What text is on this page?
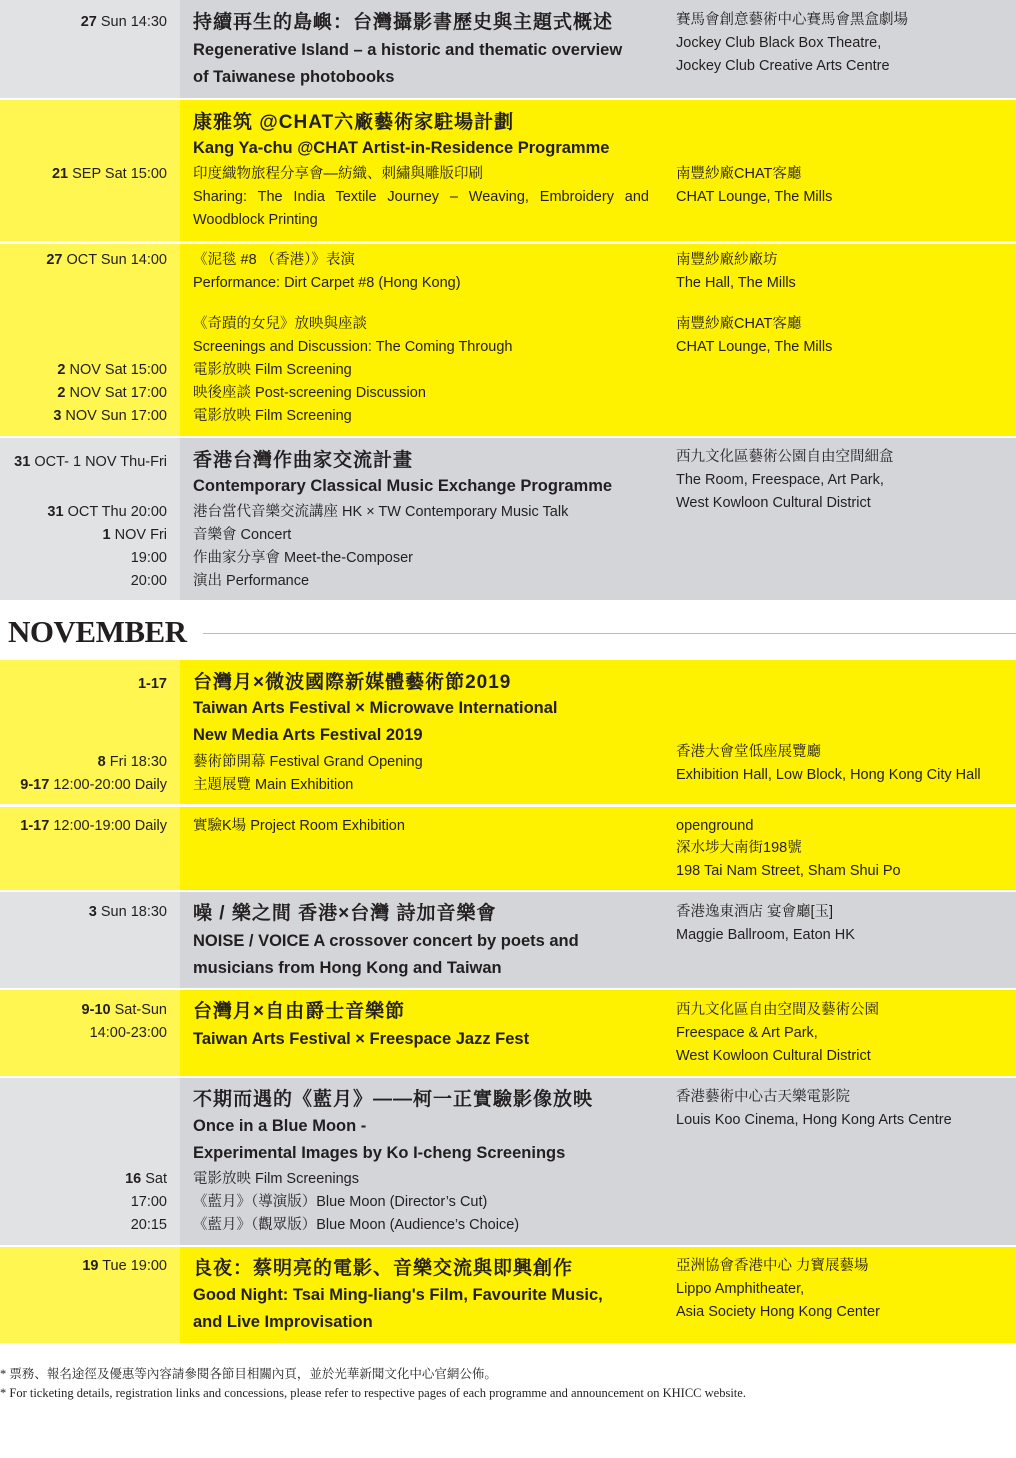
27 Sun 14:30 持續再生的島嶼：台灣攝影書歷史與主題式概述
Regenerative Island – a historic and thematic overview
of Taiwanese photobooks
賽馬會創意藝術中心賽馬會黑盒劇場
Jockey Club Black Box Theatre,
Jockey Club Creative Arts Centre
康雅筑 @CHAT六廠藝術家駐場計劃
Kang Ya-chu @CHAT Artist-in-Residence Programme
21 SEP Sat 15:00 印度織物旅程分享會—紡織、刺繡與雕版印刷
Sharing: The India Textile Journey – Weaving, Embroidery and
Woodblock Printing
南豐紗廠CHAT客廳
CHAT Lounge, The Mills
27 OCT Sun 14:00 《泥毯 #8 （香港）》表演
Performance: Dirt Carpet #8 (Hong Kong)
南豐紗廠紗廠坊
The Hall, The Mills
《奇蹟的女兒》放映與座談
Screenings and Discussion: The Coming Through
2 NOV Sat 15:00 電影放映 Film Screening
2 NOV Sat 17:00 映後座談 Post-screening Discussion
3 NOV Sun 17:00 電影放映 Film Screening
南豐紗廠CHAT客廳
CHAT Lounge, The Mills
31 OCT- 1 NOV Thu-Fri
31 OCT Thu 20:00
1 NOV Fri
19:00
20:00
香港台灣作曲家交流計畫
Contemporary Classical Music Exchange Programme
港台當代音樂交流講座 HK × TW Contemporary Music Talk
音樂會 Concert
作曲家分享會 Meet-the-Composer
演出 Performance
西九文化區藝術公園自由空間細盒
The Room, Freespace, Art Park,
West Kowloon Cultural District
NOVEMBER
1-17 台灣月×微波國際新媒體藝術節2019
Taiwan Arts Festival × Microwave International
New Media Arts Festival 2019
8 Fri 18:30 藝術節開幕 Festival Grand Opening
9-17 12:00-20:00 Daily 主題展覽 Main Exhibition
香港大會堂低座展覽廳
Exhibition Hall, Low Block, Hong Kong City Hall
1-17 12:00-19:00 Daily 實驗K場 Project Room Exhibition	openground
深水埗大南街198號
198 Tai Nam Street, Sham Shui Po
3 Sun 18:30 噪 / 樂之間 香港×台灣 詩加音樂會
NOISE / VOICE A crossover concert by poets and
musicians from Hong Kong and Taiwan
香港逸東酒店 宴會廳[玉]
Maggie Ballroom, Eaton HK
9-10 Sat-Sun
14:00-23:00
台灣月×自由爵士音樂節
Taiwan Arts Festival × Freespace Jazz Fest
西九文化區自由空間及藝術公園
Freespace & Art Park,
West Kowloon Cultural District
不期而遇的《藍月》——柯一正實驗影像放映
Once in a Blue Moon -
Experimental Images by Ko I-cheng Screenings
16 Sat
17:00
20:15
電影放映 Film Screenings
《藍月》（導演版）Blue Moon (Director’s Cut)
《藍月》（觀眾版）Blue Moon (Audience’s Choice)
香港藝術中心古天樂電影院
Louis Koo Cinema, Hong Kong Arts Centre
19 Tue 19:00 良夜：蔡明亮的電影、音樂交流與即興創作
Good Night: Tsai Ming-liang's Film, Favourite Music,
and Live Improvisation
亞洲協會香港中心 力寶展藝場
Lippo Amphitheater,
Asia Society Hong Kong Center
* 票務、報名途徑及優惠等內容請參閱各節目相關內頁，並於光華新聞文化中心官網公佈。
* For ticketing details, registration links and concessions, please refer to respective pages of each programme and announcement on KHICC website.
